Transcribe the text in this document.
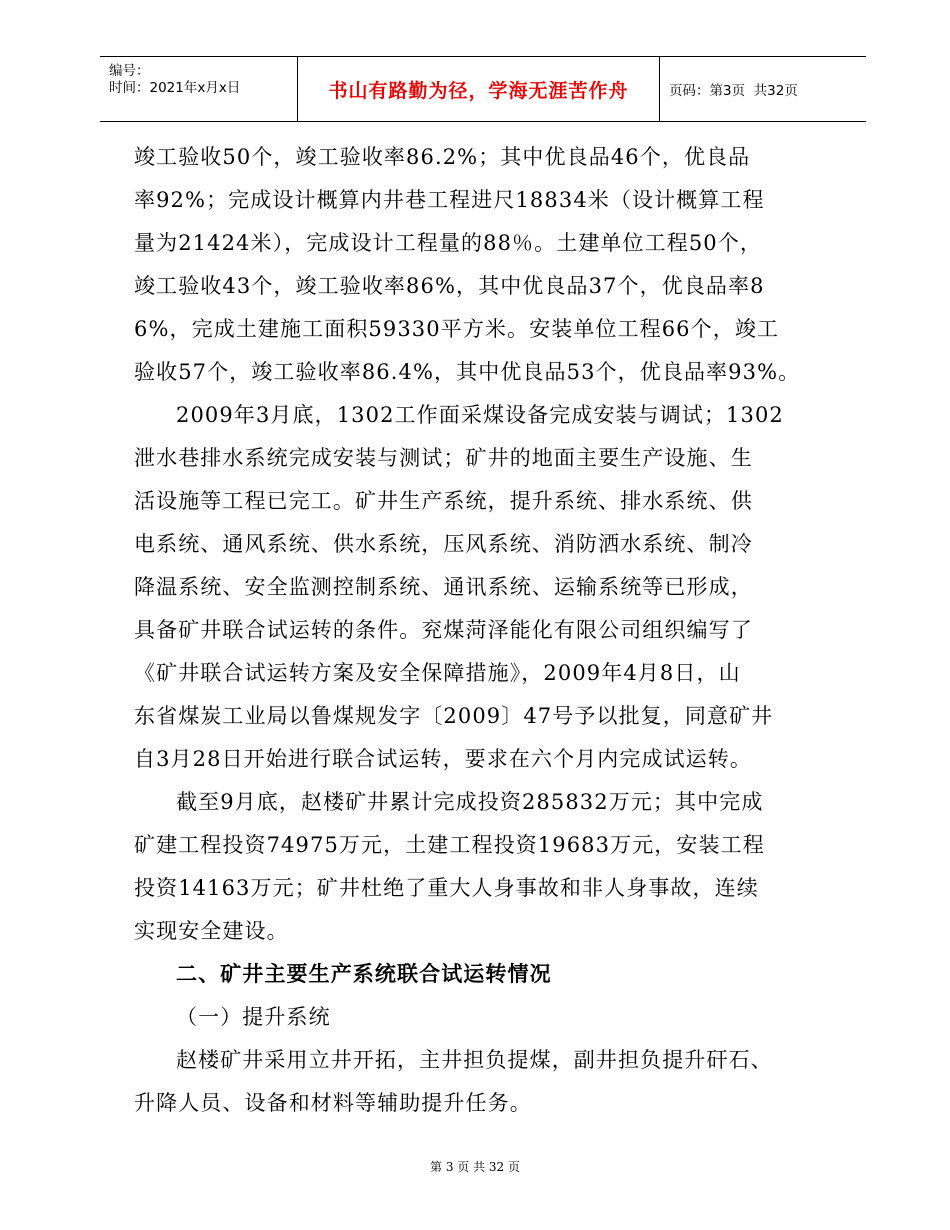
编号：
时间：2021年x月x日	书山有路勤为径，学海无涯苦作舟	页码：第3页  共32页
竣工验收50个，竣工验收率86.2%；其中优良品46个，优良品
率92%；完成设计概算内井巷工程进尺18834米（设计概算工程
量为21424米），完成设计工程量的88％。土建单位工程50个，
竣工验收43个，竣工验收率86%，其中优良品37个，优良品率8
6%，完成土建施工面积59330平方米。安装单位工程66个，竣工
验收57个，竣工验收率86.4%，其中优良品53个，优良品率93%。
2009年3月底，1302工作面采煤设备完成安装与调试；1302
泄水巷排水系统完成安装与测试；矿井的地面主要生产设施、生
活设施等工程已完工。矿井生产系统，提升系统、排水系统、供
电系统、通风系统、供水系统，压风系统、消防洒水系统、制冷
降温系统、安全监测控制系统、通讯系统、运输系统等已形成，
具备矿井联合试运转的条件。兖煤菏泽能化有限公司组织编写了
《矿井联合试运转方案及安全保障措施》，2009年4月8日，山
东省煤炭工业局以鲁煤规发字〔2009〕47号予以批复，同意矿井
自3月28日开始进行联合试运转，要求在六个月内完成试运转。
截至9月底，赵楼矿井累计完成投资285832万元；其中完成
矿建工程投资74975万元，土建工程投资19683万元，安装工程
投资14163万元；矿井杜绝了重大人身事故和非人身事故，连续
实现安全建设。
二、矿井主要生产系统联合试运转情况
（一）提升系统
赵楼矿井采用立井开拓，主井担负提煤，副井担负提升矸石、
升降人员、设备和材料等辅助提升任务。
第 3 页 共 32 页
